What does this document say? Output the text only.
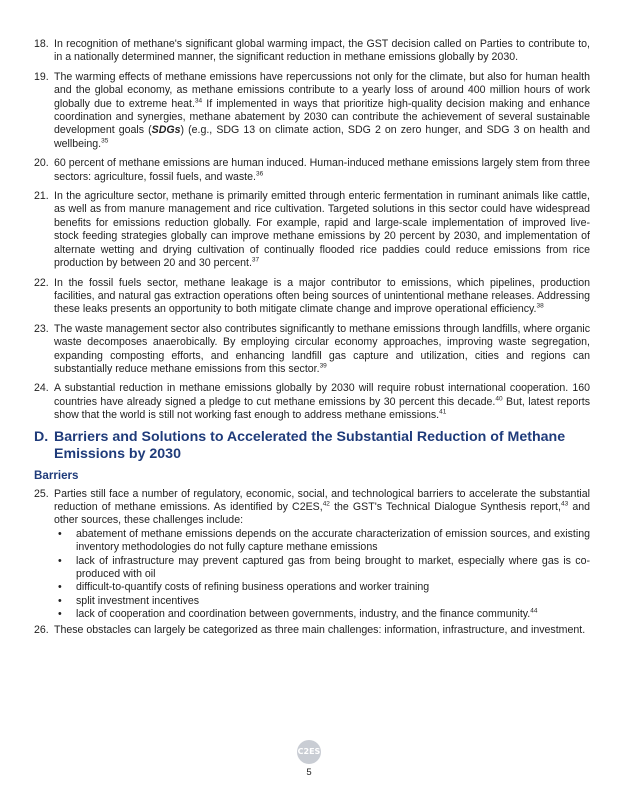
18. In recognition of methane's significant global warming impact, the GST decision called on Parties to contribute to, in a nationally determined manner, the significant reduction in methane emissions globally by 2030.
19. The warming effects of methane emissions have repercussions not only for the climate, but also for human health and the global economy, as methane emissions contribute to a yearly loss of around 400 million hours of work globally due to extreme heat.$^{34}$ If implemented in ways that prioritize high-quality decision making and enhance coordination and synergies, methane abatement by 2030 can contribute the achievement of several sustainable development goals (SDGs) (e.g., SDG 13 on climate action, SDG 2 on zero hunger, and SDG 3 on health and wellbeing.$^{35}$
20. 60 percent of methane emissions are human induced. Human-induced methane emissions largely stem from three sectors: agriculture, fossil fuels, and waste.$^{36}$
21. In the agriculture sector, methane is primarily emitted through enteric fermentation in ruminant animals like cattle, as well as from manure management and rice cultivation. Targeted solutions in this sector could have widespread benefits for emissions reduction globally. For example, rapid and large-scale implementation of improved live-stock feeding strategies globally can improve methane emissions by 20 percent by 2030, and implementation of alternate wetting and drying cultivation of continually flooded rice paddies could reduce emissions from rice production by between 20 and 30 percent.$^{37}$
22. In the fossil fuels sector, methane leakage is a major contributor to emissions, which pipelines, production facilities, and natural gas extraction operations often being sources of unintentional methane releases. Addressing these leaks presents an opportunity to both mitigate climate change and improve operational efficiency.$^{38}$
23. The waste management sector also contributes significantly to methane emissions through landfills, where organic waste decomposes anaerobically. By employing circular economy approaches, improving waste segregation, expanding composting efforts, and enhancing landfill gas capture and utilization, cities and regions can substantially reduce methane emissions from this sector.$^{39}$
24. A substantial reduction in methane emissions globally by 2030 will require robust international cooperation. 160 countries have already signed a pledge to cut methane emissions by 30 percent this decade.$^{40}$ But, latest reports show that the world is still not working fast enough to address methane emissions.$^{41}$
D. Barriers and Solutions to Accelerated the Substantial Reduction of Methane Emissions by 2030
Barriers
25. Parties still face a number of regulatory, economic, social, and technological barriers to accelerate the substantial reduction of methane emissions. As identified by C2ES,$^{42}$ the GST's Technical Dialogue Synthesis report,$^{43}$ and other sources, these challenges include:
•	abatement of methane emissions depends on the accurate characterization of emission sources, and existing inventory methodologies do not fully capture methane emissions
•	lack of infrastructure may prevent captured gas from being brought to market, especially where gas is co-produced with oil
•	difficult-to-quantify costs of refining business operations and worker training
•	split investment incentives
•	lack of cooperation and coordination between governments, industry, and the finance community.$^{44}$
26. These obstacles can largely be categorized as three main challenges: information, infrastructure, and investment.
C2ES
5
